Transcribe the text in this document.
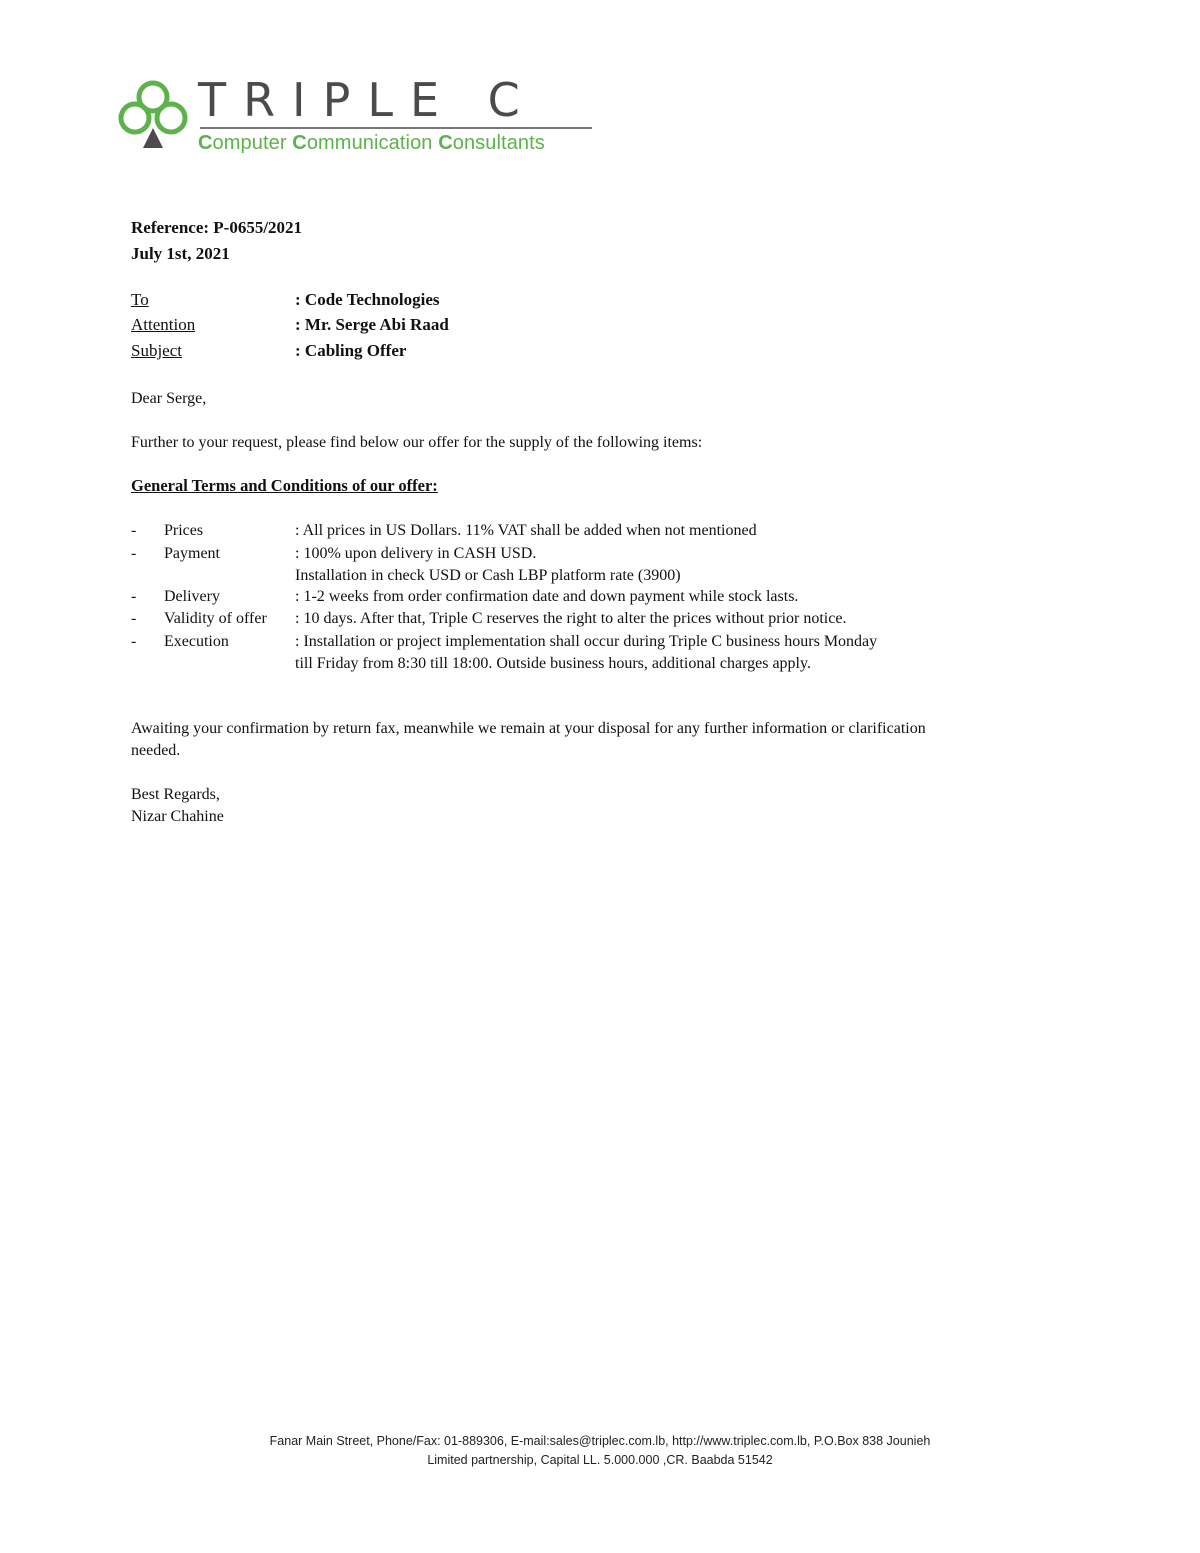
TRIPLE C
Computer Communication Consultants
Reference: P-0655/2021
July 1st, 2021
To	: Code Technologies
Attention	: Mr. Serge Abi Raad
Subject	: Cabling Offer
Dear Serge,
Further to your request, please find below our offer for the supply of the following items:
General Terms and Conditions of our offer:
- Prices	: All prices in US Dollars. 11% VAT shall be added when not mentioned
- Payment	: 100% upon delivery in CASH USD.
Installation in check USD or Cash LBP platform rate (3900)
- Delivery	: 1-2 weeks from order confirmation date and down payment while stock lasts.
- Validity of offer : 10 days. After that, Triple C reserves the right to alter the prices without prior notice.
- Execution	: Installation or project implementation shall occur during Triple C business hours Monday
till Friday from 8:30 till 18:00. Outside business hours, additional charges apply.
Awaiting your confirmation by return fax, meanwhile we remain at your disposal for any further information or clarification needed.
Best Regards,
Nizar Chahine
Fanar Main Street, Phone/Fax: 01-889306, E-mail:sales@triplec.com.lb, http://www.triplec.com.lb, P.O.Box 838 Jounieh
Limited partnership, Capital LL. 5.000.000 ,CR. Baabda 51542
